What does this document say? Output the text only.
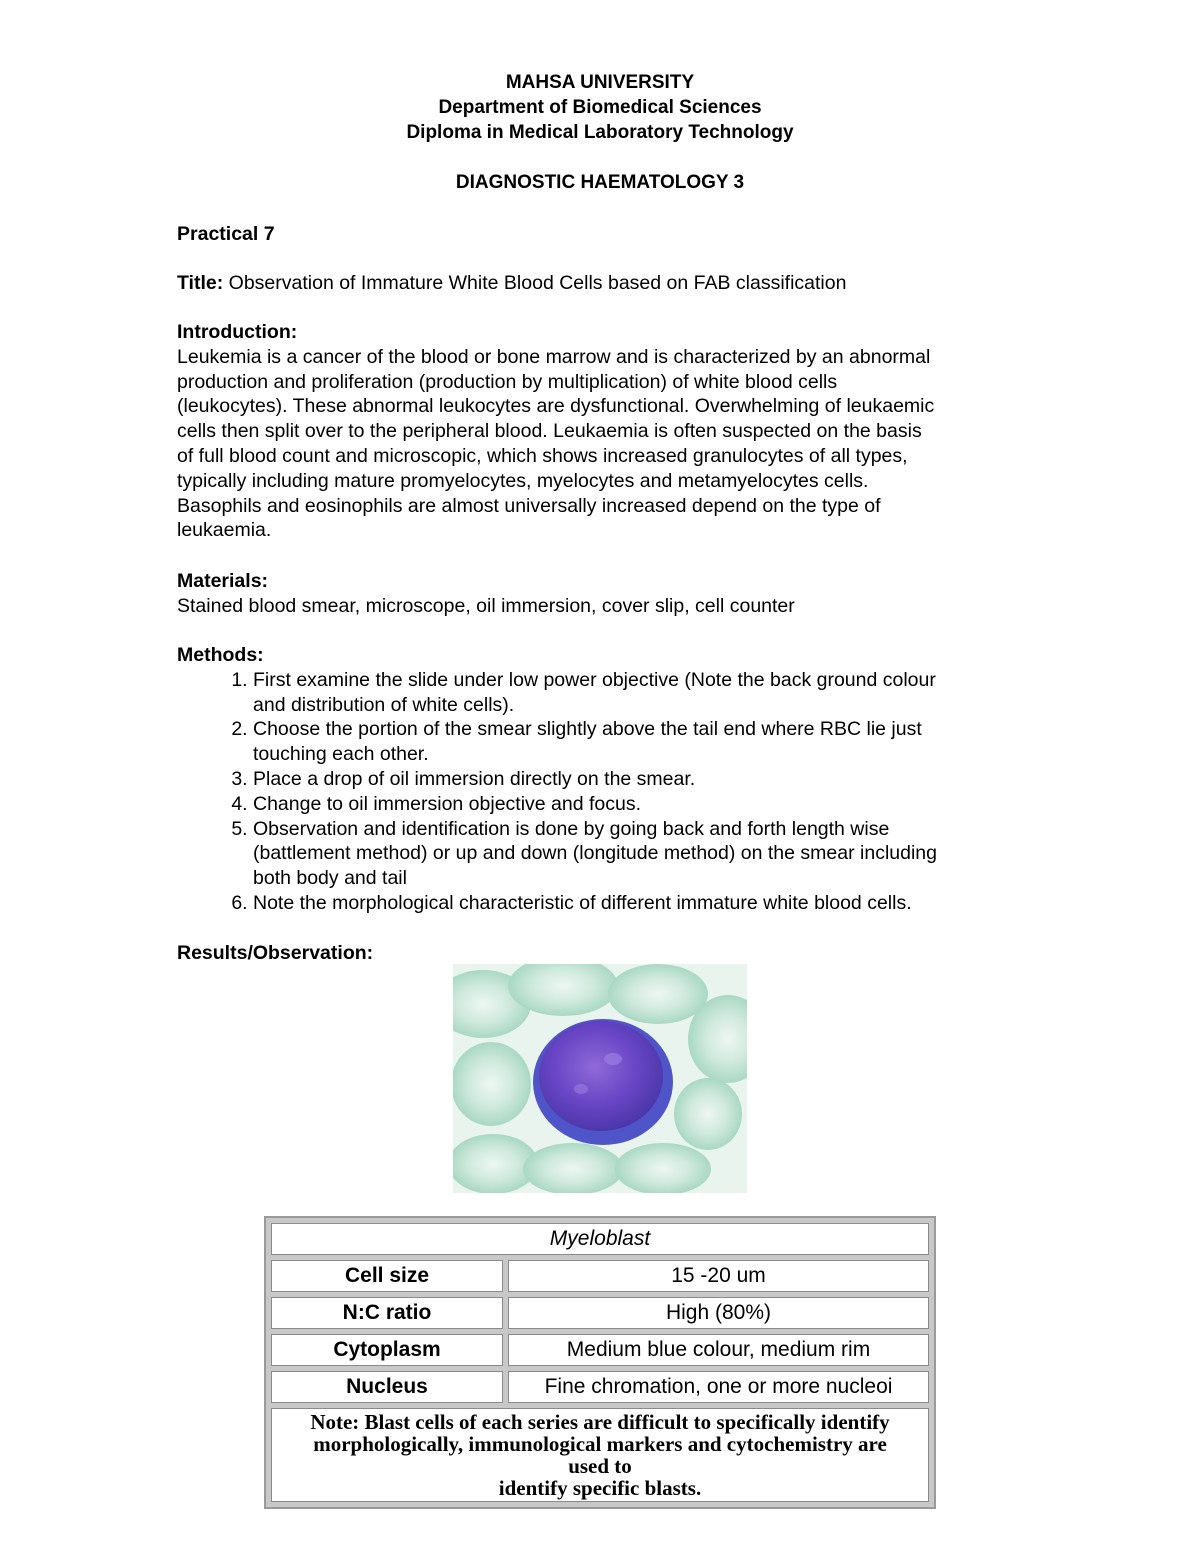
MAHSA UNIVERSITY
Department of Biomedical Sciences
Diploma in Medical Laboratory Technology
DIAGNOSTIC HAEMATOLOGY 3
Practical 7
Title: Observation of Immature White Blood Cells based on FAB classification
Introduction:
Leukemia is a cancer of the blood or bone marrow and is characterized by an abnormal
production and proliferation (production by multiplication) of white blood cells
(leukocytes). These abnormal leukocytes are dysfunctional. Overwhelming of leukaemic
cells then split over to the peripheral blood. Leukaemia is often suspected on the basis
of full blood count and microscopic, which shows increased granulocytes of all types,
typically including mature promyelocytes, myelocytes and metamyelocytes cells.
Basophils and eosinophils are almost universally increased depend on the type of
leukaemia.
Materials:
Stained blood smear, microscope, oil immersion, cover slip, cell counter
Methods:
1. First examine the slide under low power objective (Note the back ground colour
and distribution of white cells).
2. Choose the portion of the smear slightly above the tail end where RBC lie just
touching each other.
3. Place a drop of oil immersion directly on the smear.
4. Change to oil immersion objective and focus.
5. Observation and identification is done by going back and forth length wise
(battlement method) or up and down (longitude method) on the smear including
both body and tail
6. Note the morphological characteristic of different immature white blood cells.
Results/Observation:
Myeloblast	
Cell size	15 -20 um
N:C ratio	High (80%)
Cytoplasm	Medium blue colour, medium rim
Nucleus	Fine chromation, one or more nucleoi

Note: Blast cells of each series are difficult to specifically identify
morphologically, immunological markers and cytochemistry are used to
identify specific blasts.	
